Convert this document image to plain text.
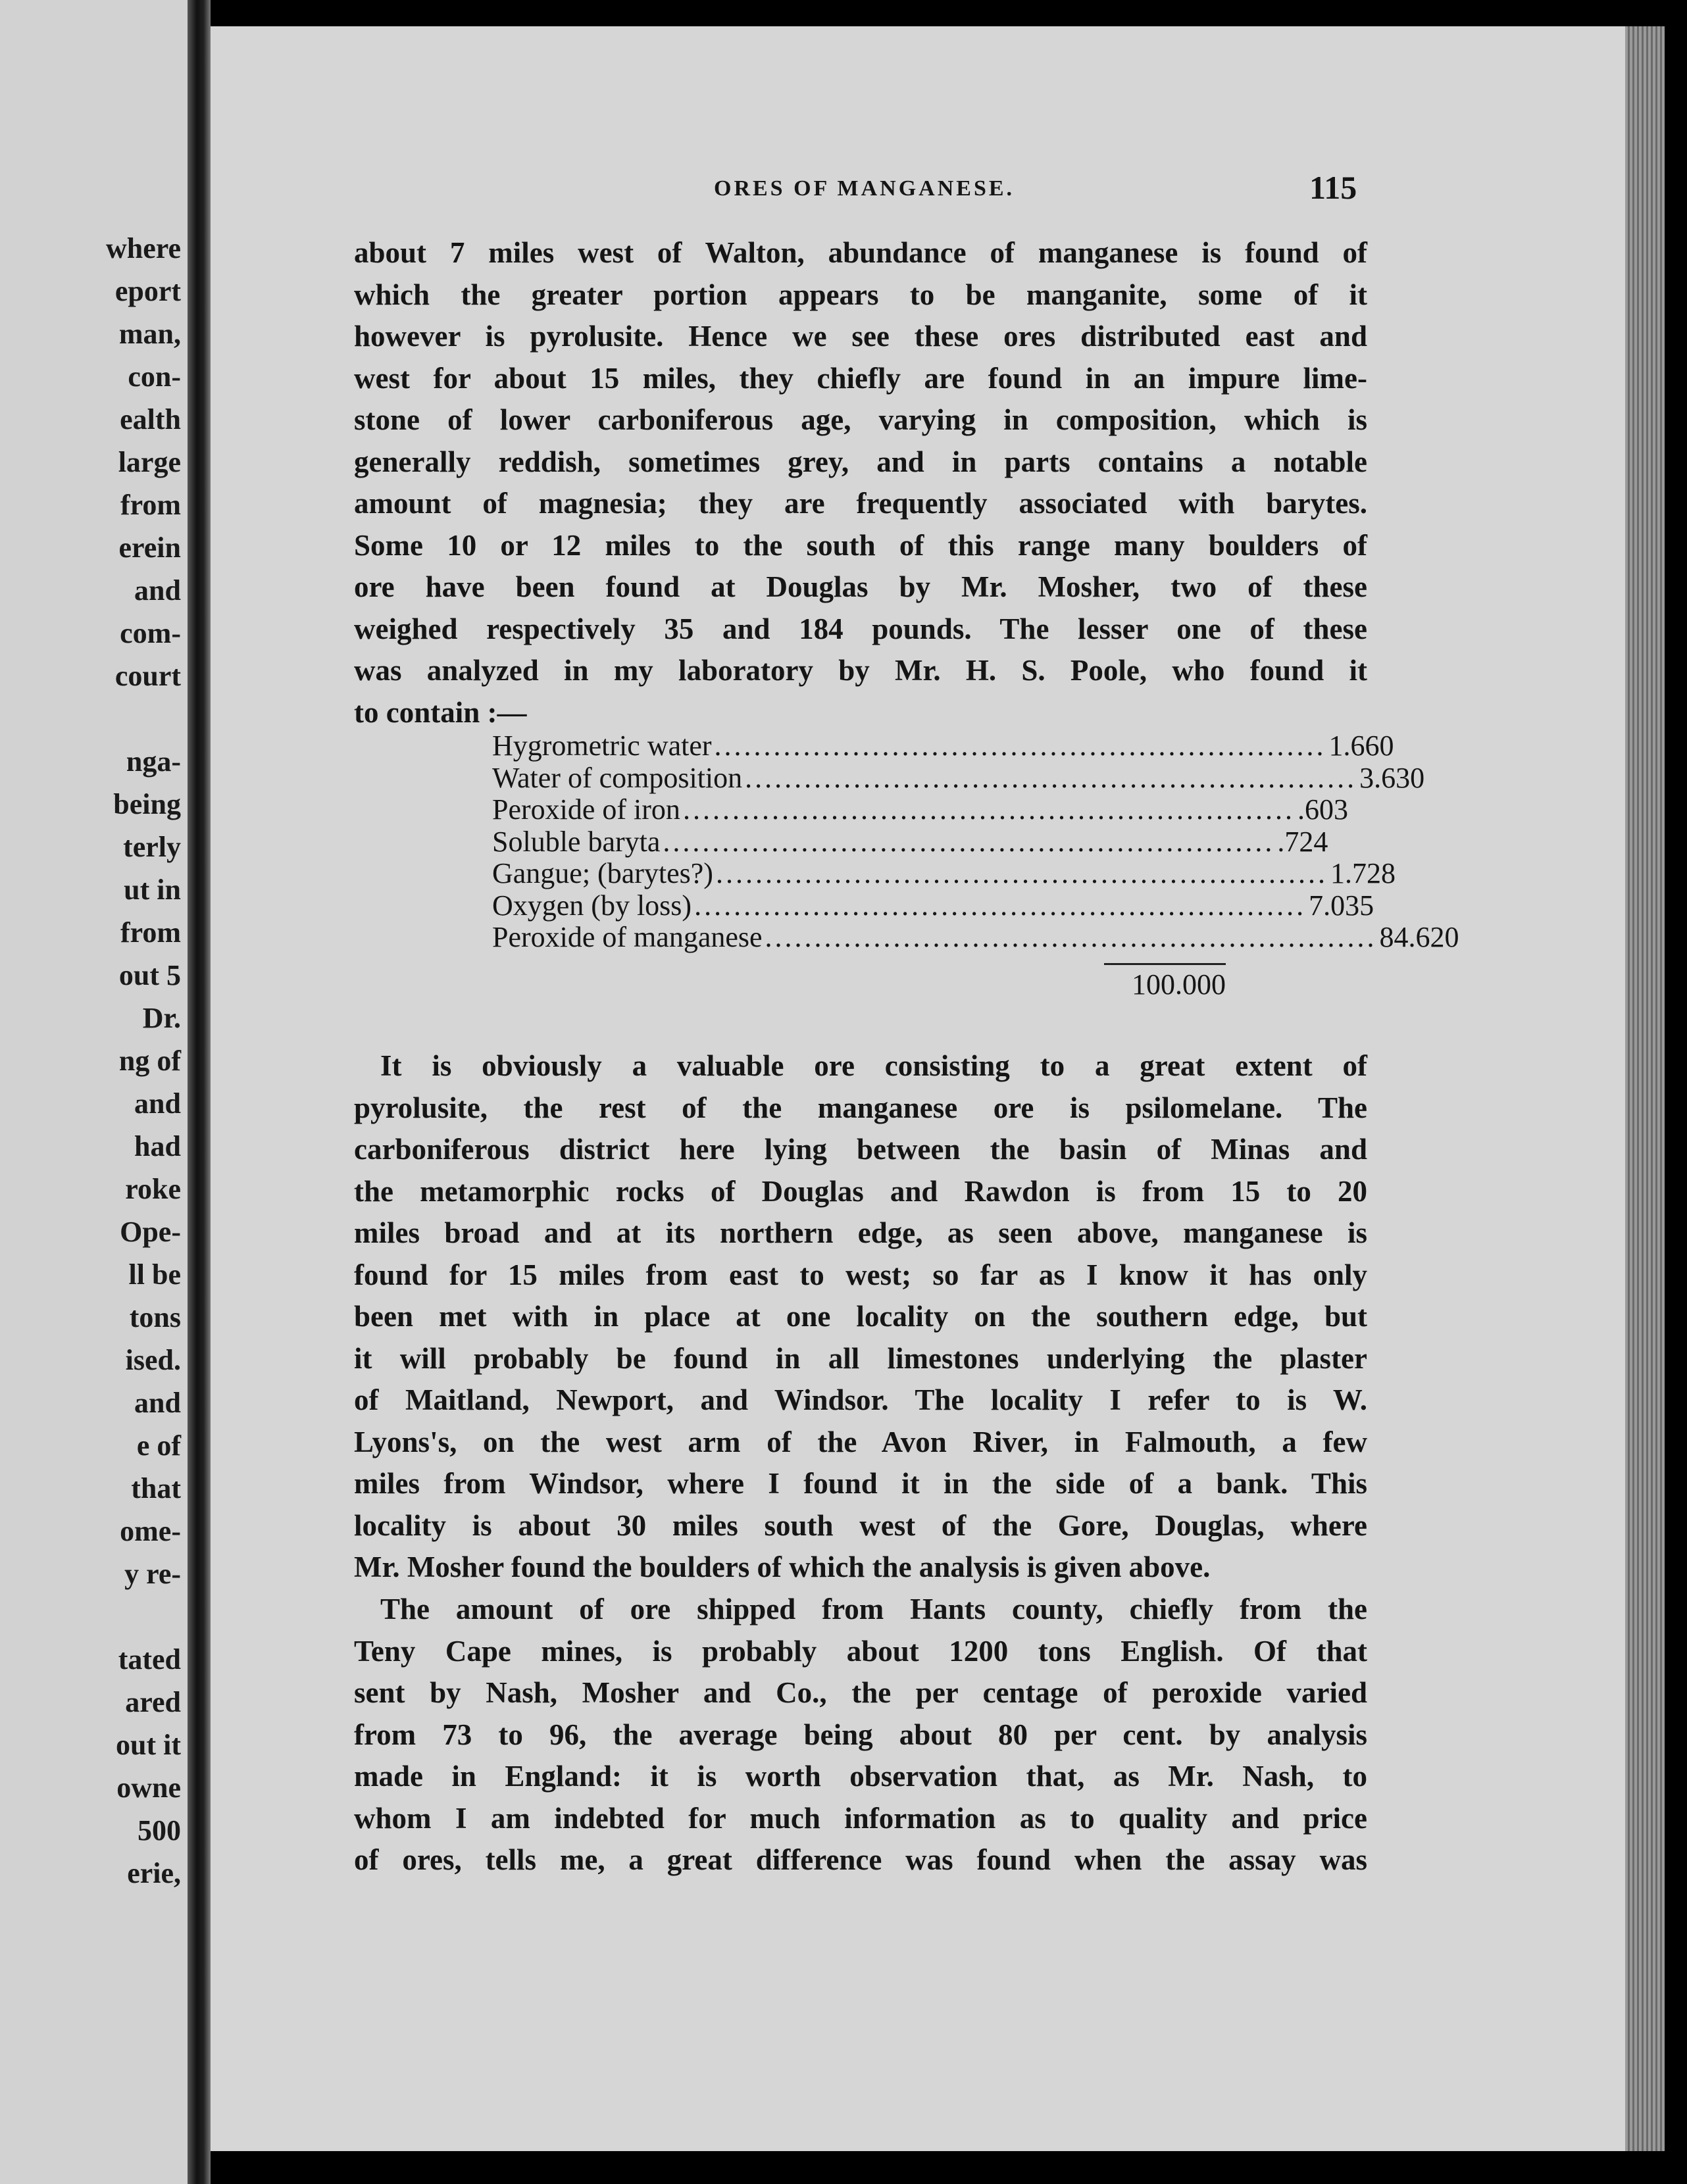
where
eport
man,
con-
ealth
large
from
erein
and
com-
court
nga-
being
terly
ut in
from
out 5
Dr.
ng of
and
had
roke
Ope-
ll be
tons
ised.
and
e of
that
ome-
y re-
tated
ared
out it
owne
500
erie,
ORES OF MANGANESE.	115
about 7 miles west of Walton, abundance of manganese is found of
which the greater portion appears to be manganite, some of it
however is pyrolusite. Hence we see these ores distributed east and
west for about 15 miles, they chiefly are found in an impure lime-
stone of lower carboniferous age, varying in composition, which is
generally reddish, sometimes grey, and in parts contains a notable
amount of magnesia; they are frequently associated with barytes.
Some 10 or 12 miles to the south of this range many boulders of
ore have been found at Douglas by Mr. Mosher, two of these
weighed respectively 35 and 184 pounds. The lesser one of these
was analyzed in my laboratory by Mr. H. S. Poole, who found it
to contain :—
Hygrometric water .............................................................. 1.660
Water of composition .............................................................. 3.630
Peroxide of iron .............................................................. .603
Soluble baryta .............................................................. .724
Gangue; (barytes?) .............................................................. 1.728
Oxygen (by loss) .............................................................. 7.035
Peroxide of manganese .............................................................. 84.620
100.000
It is obviously a valuable ore consisting to a great extent of
pyrolusite, the rest of the manganese ore is psilomelane. The
carboniferous district here lying between the basin of Minas and
the metamorphic rocks of Douglas and Rawdon is from 15 to 20
miles broad and at its northern edge, as seen above, manganese is
found for 15 miles from east to west; so far as I know it has only
been met with in place at one locality on the southern edge, but
it will probably be found in all limestones underlying the plaster
of Maitland, Newport, and Windsor. The locality I refer to is W.
Lyons's, on the west arm of the Avon River, in Falmouth, a few
miles from Windsor, where I found it in the side of a bank. This
locality is about 30 miles south west of the Gore, Douglas, where
Mr. Mosher found the boulders of which the analysis is given above.
The amount of ore shipped from Hants county, chiefly from the
Teny Cape mines, is probably about 1200 tons English. Of that
sent by Nash, Mosher and Co., the per centage of peroxide varied
from 73 to 96, the average being about 80 per cent. by analysis
made in England: it is worth observation that, as Mr. Nash, to
whom I am indebted for much information as to quality and price
of ores, tells me, a great difference was found when the assay was
